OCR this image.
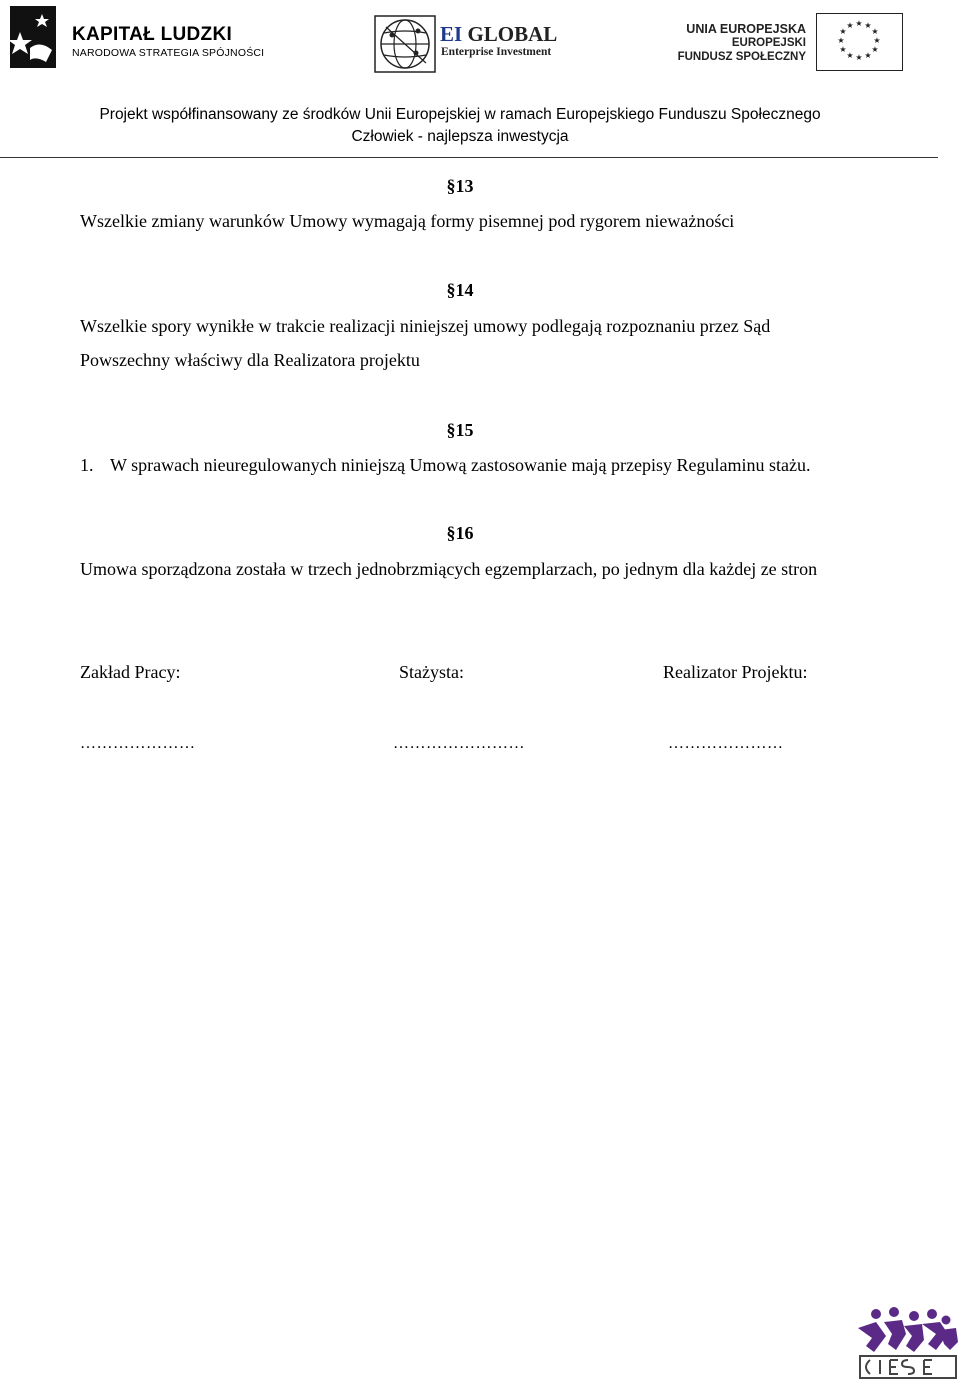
KAPITAŁ LUDZKI
NARODOWA STRATEGIA SPÓJNOŚCI
EI GLOBAL
Enterprise Investment
UNIA EUROPEJSKA
EUROPEJSKI
FUNDUSZ SPOŁECZNY
★ ★
★
★
★
★
★
★
★
★
★
★
Projekt współfinansowany ze środków Unii Europejskiej w ramach Europejskiego Funduszu Społecznego
Człowiek - najlepsza inwestycja
§13
Wszelkie zmiany warunków Umowy wymagają formy pisemnej pod rygorem nieważności
§14
Wszelkie spory wynikłe w trakcie realizacji niniejszej umowy podlegają rozpoznaniu przez Sąd Powszechny właściwy dla Realizatora projektu
§15
1. W sprawach nieuregulowanych niniejszą Umową zastosowanie mają przepisy Regulaminu stażu.
§16
Umowa sporządzona została w trzech jednobrzmiących egzemplarzach, po jednym dla każdej ze stron
Zakład Pracy:	Stażysta:	Realizator Projektu:
…………………	……………………	…………………
